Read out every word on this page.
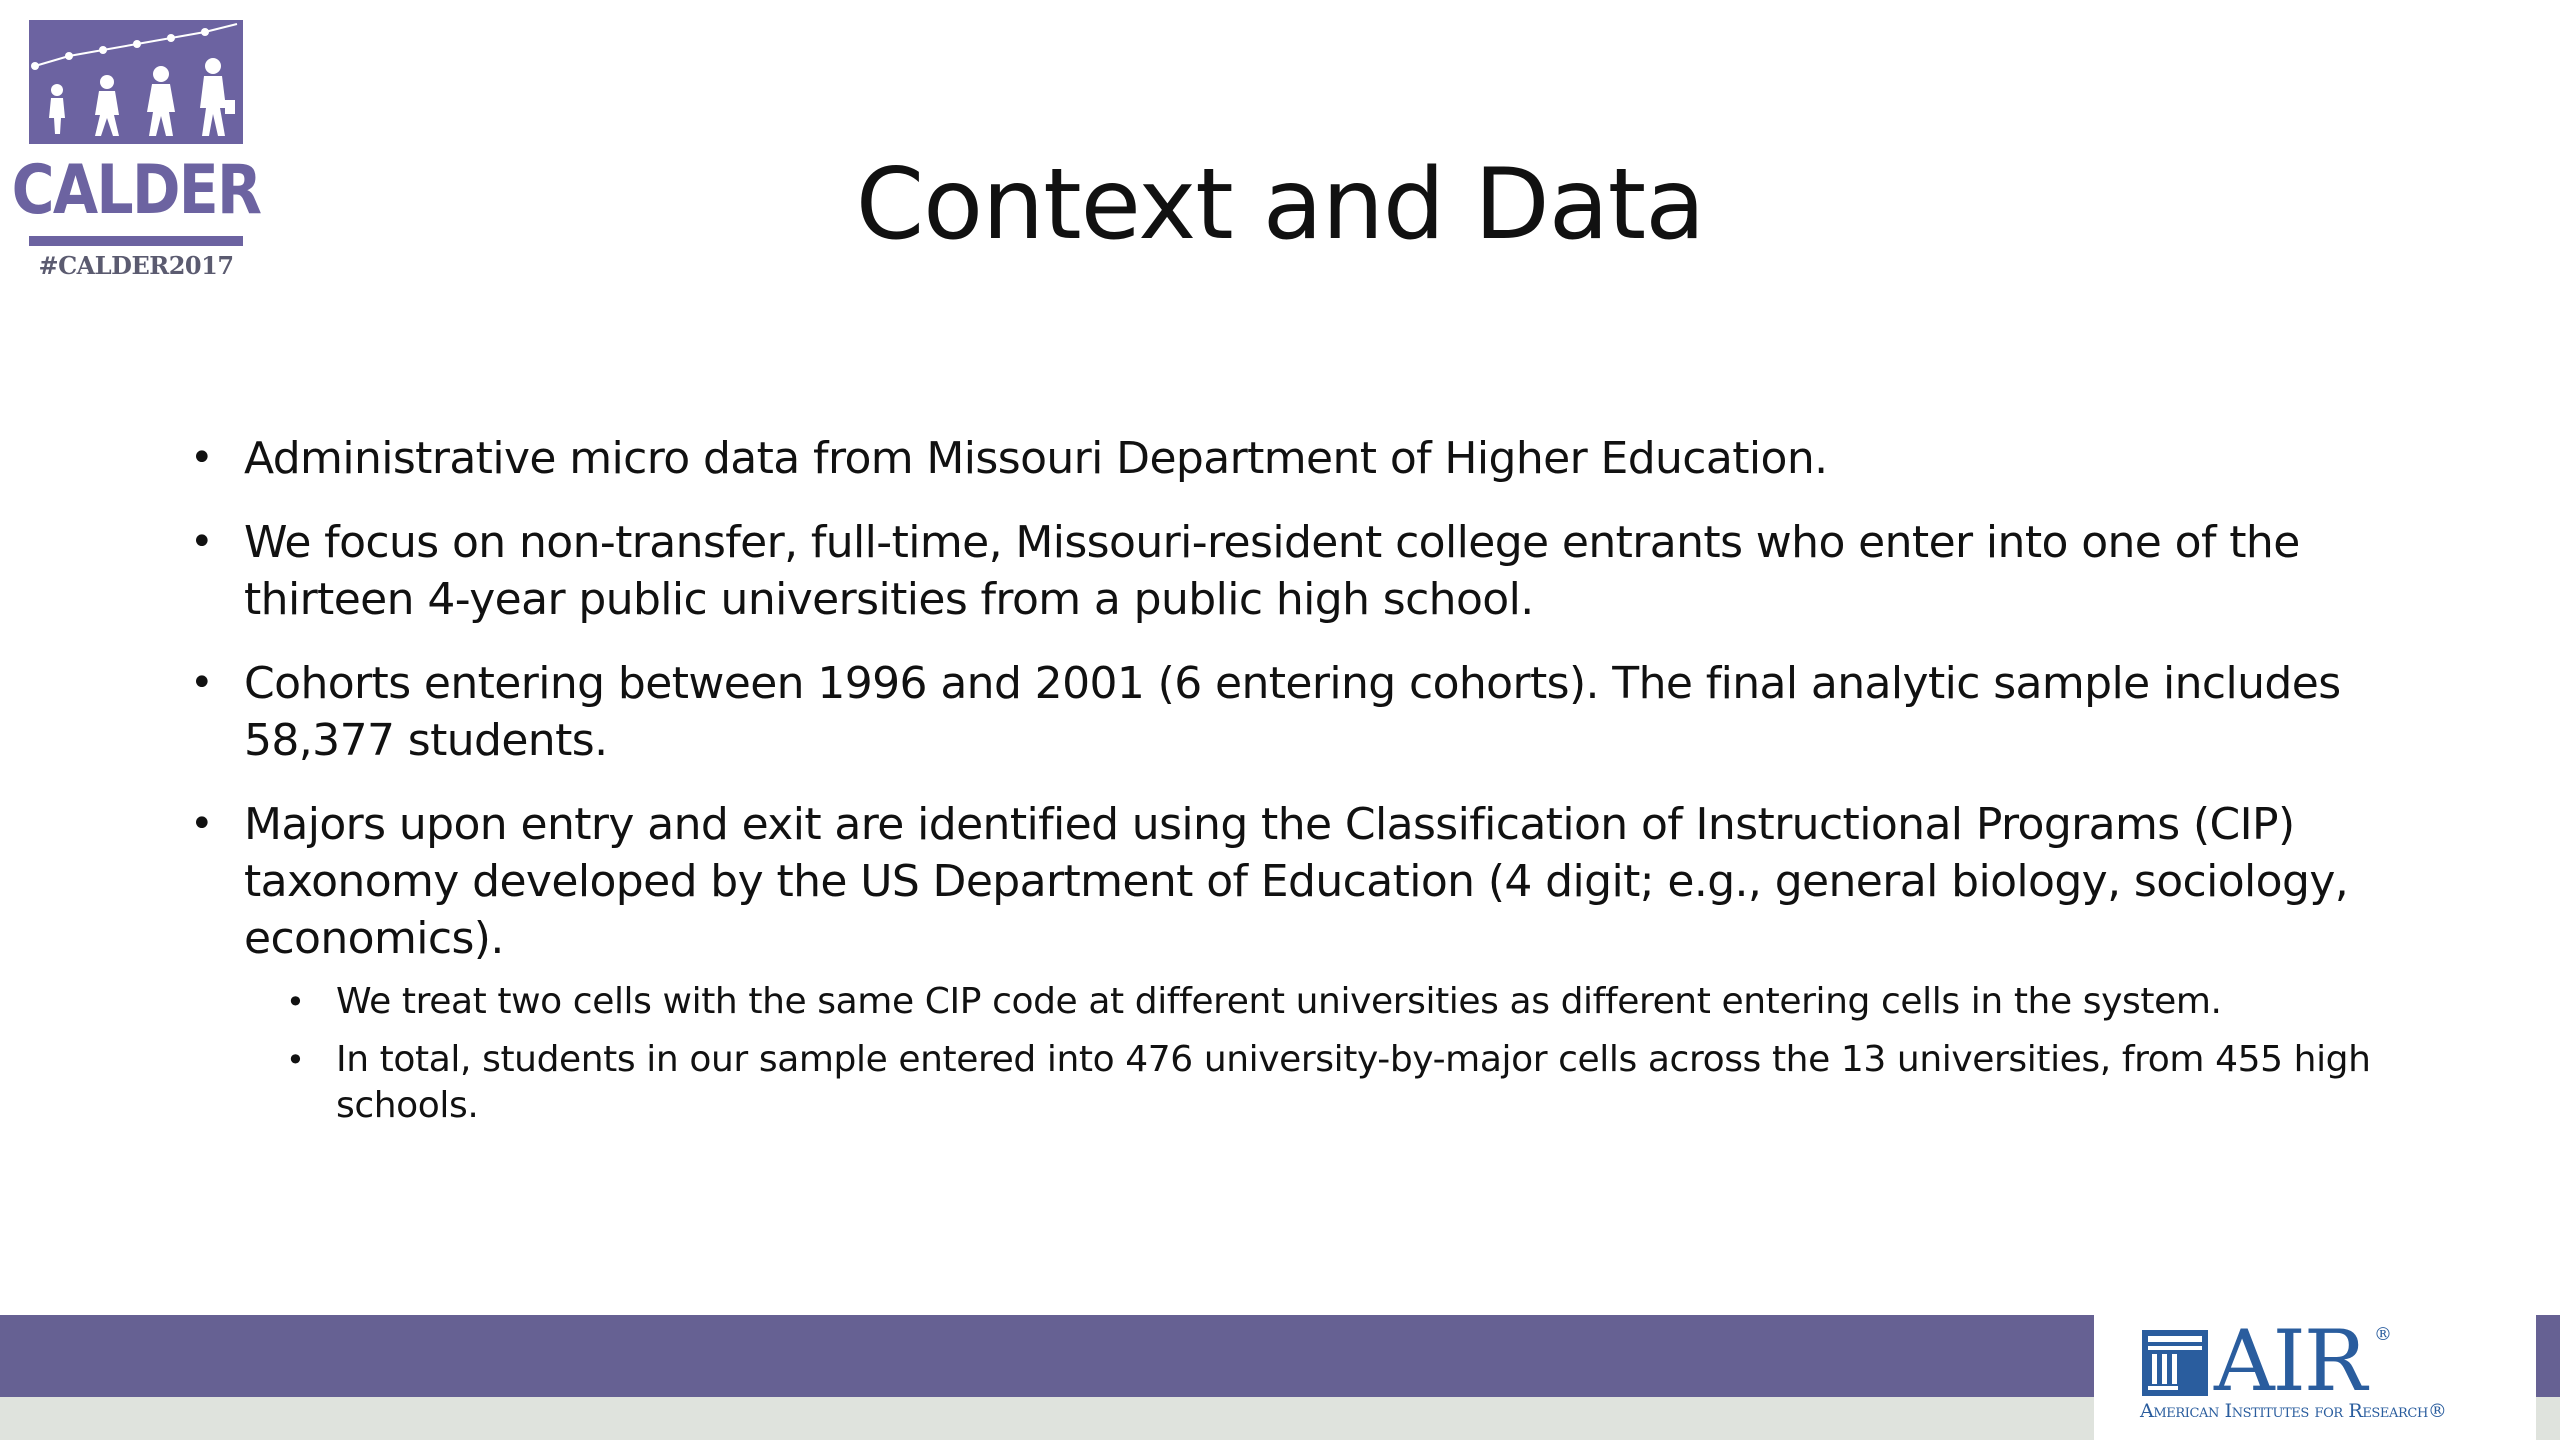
CALDER
#CALDER2017
Context and Data
• Administrative micro data from Missouri Department of Higher Education.
• We focus on non-transfer, full-time, Missouri-resident college entrants who enter into one of the thirteen 4-year public universities from a public high school.
• Cohorts entering between 1996 and 2001 (6 entering cohorts). The final analytic sample includes 58,377 students.
• Majors upon entry and exit are identified using the Classification of Instructional Programs (CIP) taxonomy developed by the US Department of Education (4 digit; e.g., general biology, sociology, economics).
• We treat two cells with the same CIP code at different universities as different entering cells in the system.
• In total, students in our sample entered into 476 university-by-major cells across the 13 universities, from 455 high schools.
AIR ®
American Institutes for Research®
